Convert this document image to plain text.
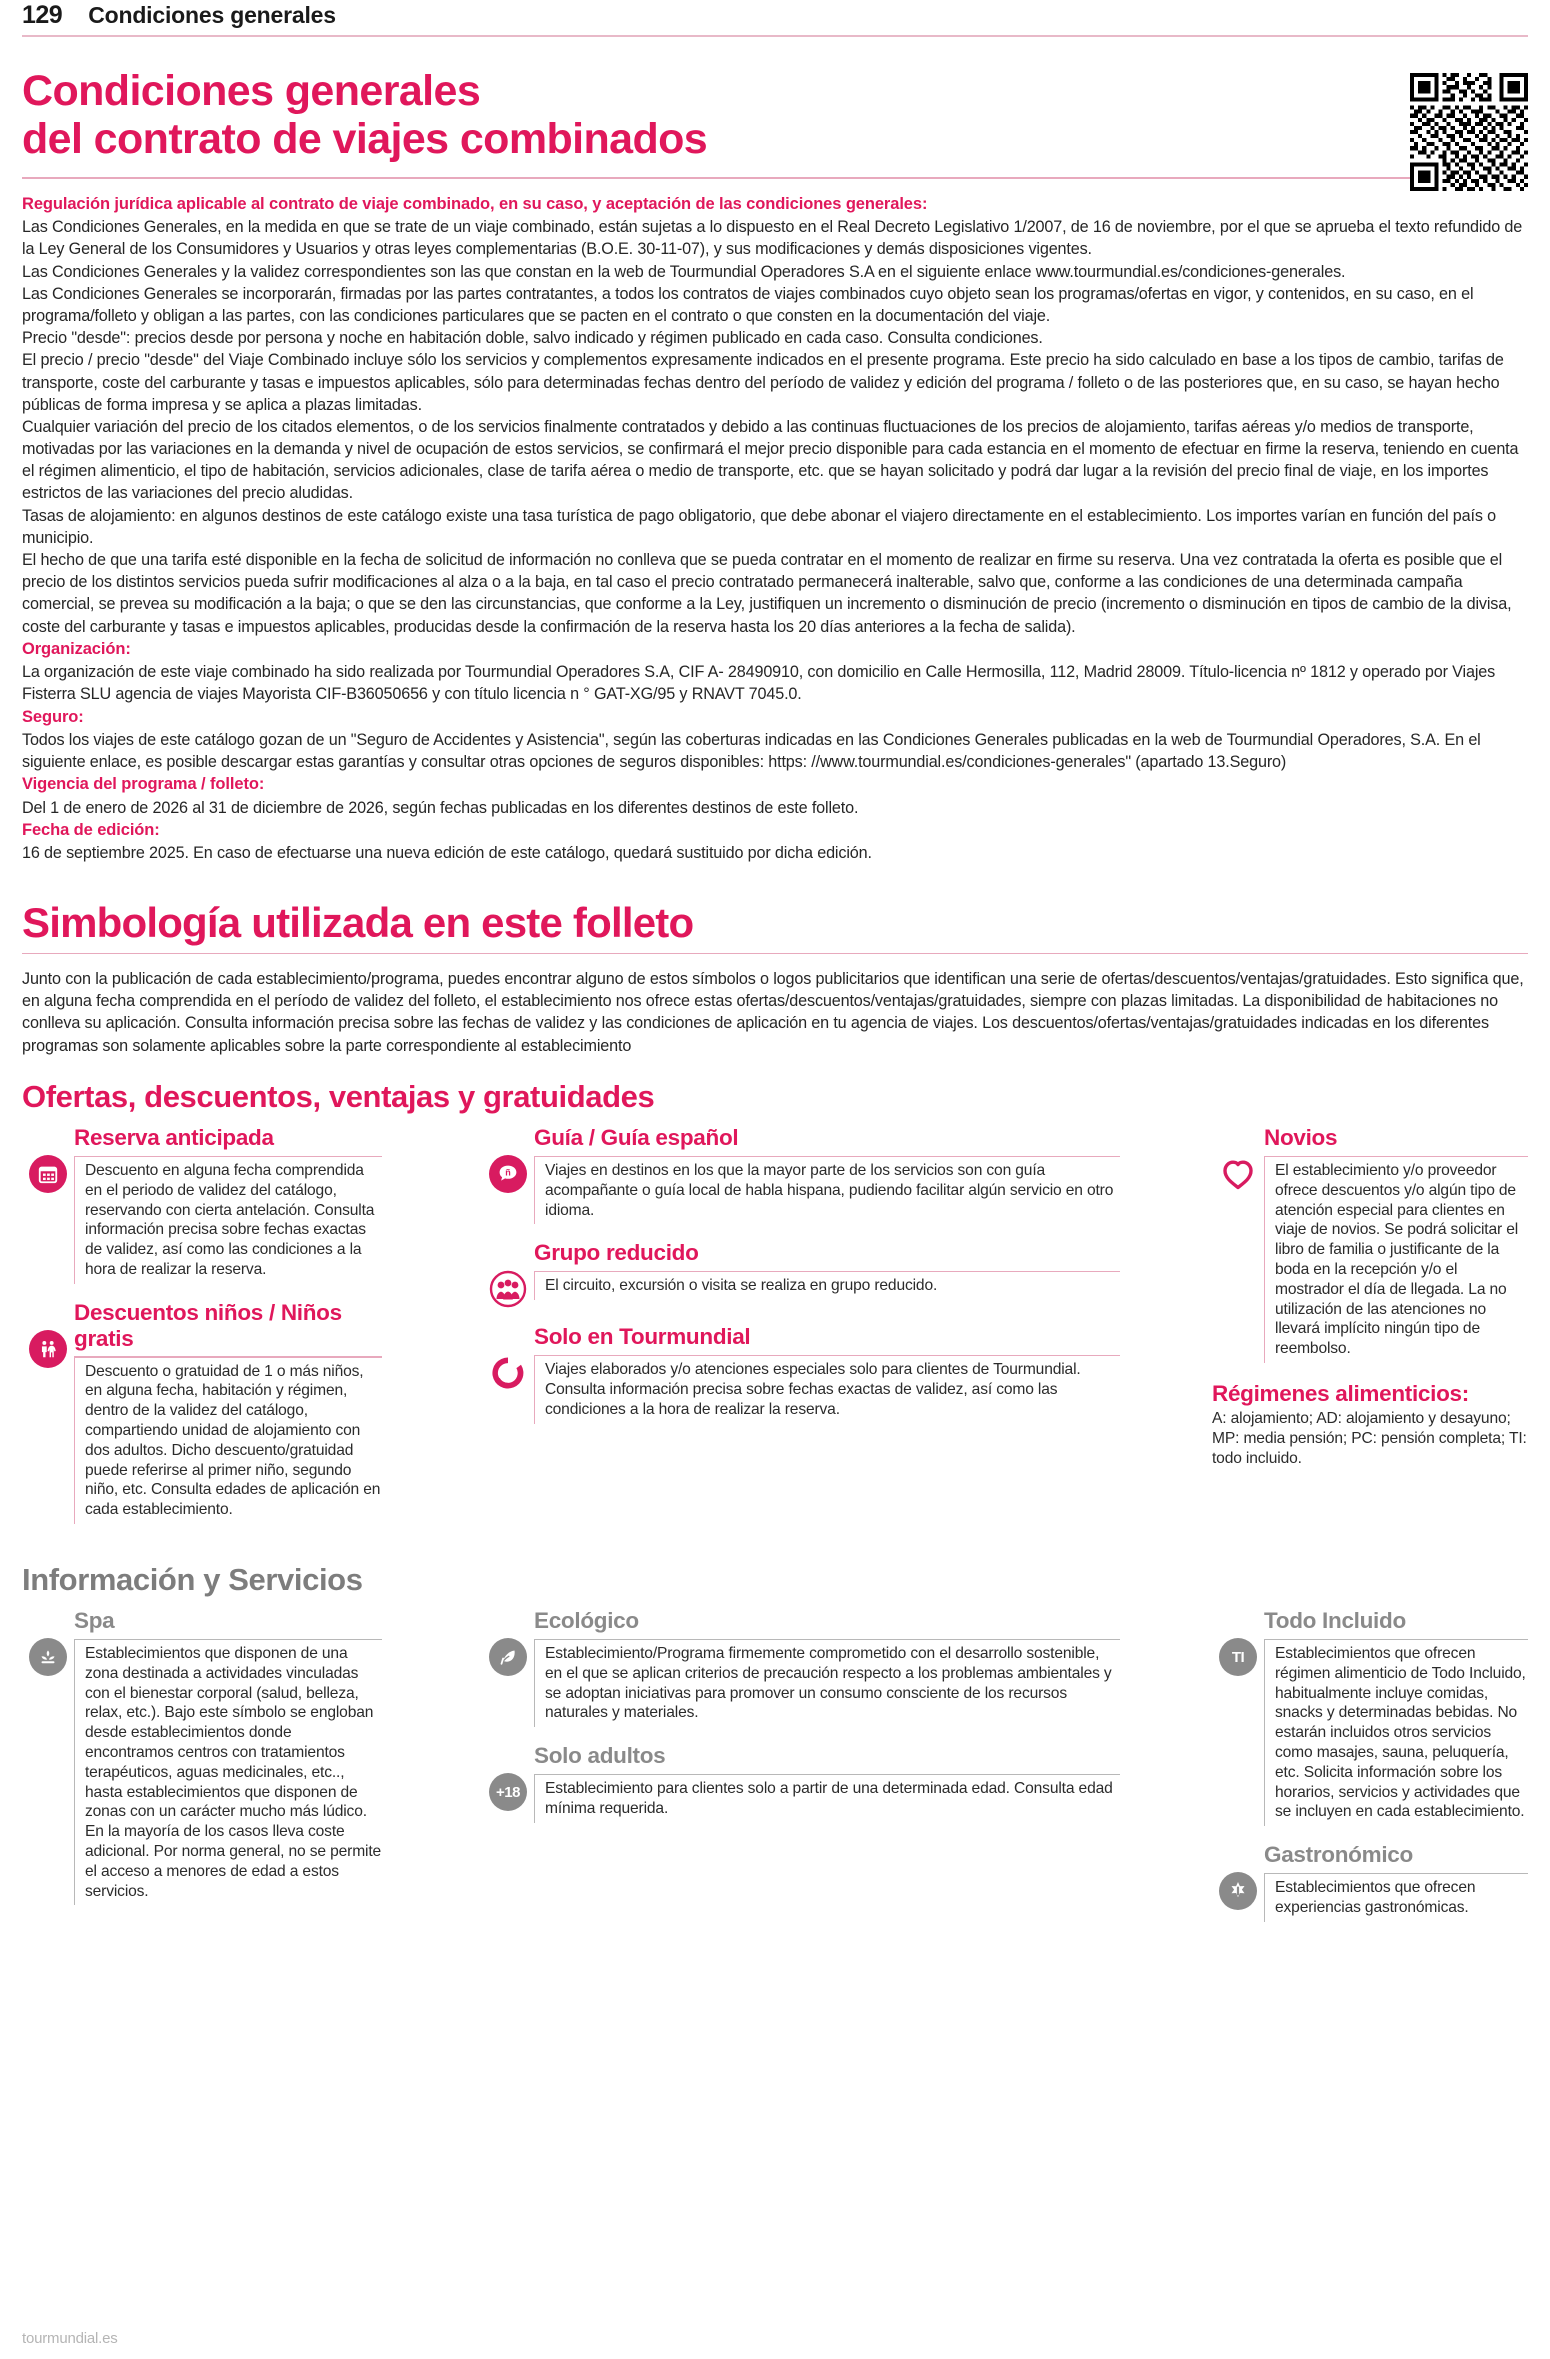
129 Condiciones generales
Condiciones generales
del contrato de viajes combinados
Regulación jurídica aplicable al contrato de viaje combinado, en su caso, y aceptación de las condiciones generales:

Las Condiciones Generales, en la medida en que se trate de un viaje combinado, están sujetas a lo dispuesto en el Real Decreto Legislativo 1/2007, de 16 de noviembre, por el que se aprueba el texto refundido de la Ley General de los Consumidores y Usuarios y otras leyes complementarias (B.O.E. 30-11-07), y sus modificaciones y demás disposiciones vigentes.

Las Condiciones Generales y la validez correspondientes son las que constan en la web de Tourmundial Operadores S.A en el siguiente enlace www.tourmundial.es/condiciones-generales.

Las Condiciones Generales se incorporarán, firmadas por las partes contratantes, a todos los contratos de viajes combinados cuyo objeto sean los programas/ofertas en vigor, y contenidos, en su caso, en el programa/folleto y obligan a las partes, con las condiciones particulares que se pacten en el contrato o que consten en la documentación del viaje.

Precio "desde": precios desde por persona y noche en habitación doble, salvo indicado y régimen publicado en cada caso. Consulta condiciones.

El precio / precio "desde" del Viaje Combinado incluye sólo los servicios y complementos expresamente indicados en el presente programa. Este precio ha sido calculado en base a los tipos de cambio, tarifas de transporte, coste del carburante y tasas e impuestos aplicables, sólo para determinadas fechas dentro del período de validez y edición del programa / folleto o de las posteriores que, en su caso, se hayan hecho públicas de forma impresa y se aplica a plazas limitadas.

Cualquier variación del precio de los citados elementos, o de los servicios finalmente contratados y debido a las continuas fluctuaciones de los precios de alojamiento, tarifas aéreas y/o medios de transporte, motivadas por las variaciones en la demanda y nivel de ocupación de estos servicios, se confirmará el mejor precio disponible para cada estancia en el momento de efectuar en firme la reserva, teniendo en cuenta el régimen alimenticio, el tipo de habitación, servicios adicionales, clase de tarifa aérea o medio de transporte, etc. que se hayan solicitado y podrá dar lugar a la revisión del precio final de viaje, en los importes estrictos de las variaciones del precio aludidas.

Tasas de alojamiento: en algunos destinos de este catálogo existe una tasa turística de pago obligatorio, que debe abonar el viajero directamente en el establecimiento. Los importes varían en función del país o municipio.

El hecho de que una tarifa esté disponible en la fecha de solicitud de información no conlleva que se pueda contratar en el momento de realizar en firme su reserva. Una vez contratada la oferta es posible que el precio de los distintos servicios pueda sufrir modificaciones al alza o a la baja, en tal caso el precio contratado permanecerá inalterable, salvo que, conforme a las condiciones de una determinada campaña comercial, se prevea su modificación a la baja; o que se den las circunstancias, que conforme a la Ley, justifiquen un incremento o disminución de precio (incremento o disminución en tipos de cambio de la divisa, coste del carburante y tasas e impuestos aplicables, producidas desde la confirmación de la reserva hasta los 20 días anteriores a la fecha de salida).

Organización:

La organización de este viaje combinado ha sido realizada por Tourmundial Operadores S.A, CIF A- 28490910, con domicilio en Calle Hermosilla, 112, Madrid 28009. Título-licencia nº 1812 y operado por Viajes Fisterra SLU agencia de viajes Mayorista CIF-B36050656 y con título licencia n ° GAT-XG/95 y RNAVT 7045.0.

Seguro:

Todos los viajes de este catálogo gozan de un "Seguro de Accidentes y Asistencia", según las coberturas indicadas en las Condiciones Generales publicadas en la web de Tourmundial Operadores, S.A. En el siguiente enlace, es posible descargar estas garantías y consultar otras opciones de seguros disponibles: https: //www.tourmundial.es/condiciones-generales" (apartado 13.Seguro)

Vigencia del programa / folleto:

Del 1 de enero de 2026 al 31 de diciembre de 2026, según fechas publicadas en los diferentes destinos de este folleto.

Fecha de edición:

16 de septiembre 2025. En caso de efectuarse una nueva edición de este catálogo, quedará sustituido por dicha edición.

Simbología utilizada en este folleto

Junto con la publicación de cada establecimiento/programa, puedes encontrar alguno de estos símbolos o logos publicitarios que identifican una serie de ofertas/descuentos/ventajas/gratuidades. Esto significa que, en alguna fecha comprendida en el período de validez del folleto, el establecimiento nos ofrece estas ofertas/descuentos/ventajas/gratuidades, siempre con plazas limitadas. La disponibilidad de habitaciones no conlleva su aplicación. Consulta información precisa sobre las fechas de validez y las condiciones de aplicación en tu agencia de viajes. Los descuentos/ofertas/ventajas/gratuidades indicadas en los diferentes programas son solamente aplicables sobre la parte correspondiente al establecimiento

Ofertas, descuentos, ventajas y gratuidades
Reserva anticipada
Descuento en alguna fecha comprendida en el periodo de validez del catálogo, reservando con cierta antelación. Consulta información precisa sobre fechas exactas de validez, así como las condiciones a la hora de realizar la reserva.
Descuentos niños / Niños gratis
Descuento o gratuidad de 1 o más niños, en alguna fecha, habitación y régimen, dentro de la validez del catálogo, compartiendo unidad de alojamiento con dos adultos. Dicho descuento/gratuidad puede referirse al primer niño, segundo niño, etc. Consulta edades de aplicación en cada establecimiento.
ñ
Guía / Guía español
Viajes en destinos en los que la mayor parte de los servicios son con guía acompañante o guía local de habla hispana, pudiendo facilitar algún servicio en otro idioma.
Grupo reducido
El circuito, excursión o visita se realiza en grupo reducido.
Solo en Tourmundial
Viajes elaborados y/o atenciones especiales solo para clientes de Tourmundial. Consulta información precisa sobre fechas exactas de validez, así como las condiciones a la hora de realizar la reserva.
Novios
El establecimiento y/o proveedor ofrece descuentos y/o algún tipo de atención especial para clientes en viaje de novios. Se podrá solicitar el libro de familia o justificante de la boda en la recepción y/o el mostrador el día de llegada. La no utilización de las atenciones no llevará implícito ningún tipo de reembolso.
Régimenes alimenticios:

A: alojamiento; AD: alojamiento y desayuno; MP: media pensión; PC: pensión completa; TI: todo incluido.

Información y Servicios
Spa
Establecimientos que disponen de una zona destinada a actividades vinculadas con el bienestar corporal (salud, belleza, relax, etc.). Bajo este símbolo se engloban desde establecimientos donde encontramos centros con tratamientos terapéuticos, aguas medicinales, etc.., hasta establecimientos que disponen de zonas con un carácter mucho más lúdico. En la mayoría de los casos lleva coste adicional. Por norma general, no se permite el acceso a menores de edad a estos servicios.
Ecológico
Establecimiento/Programa firmemente comprometido con el desarrollo sostenible, en el que se aplican criterios de precaución respecto a los problemas ambientales y se adoptan iniciativas para promover un consumo consciente de los recursos naturales y materiales.
+18
Solo adultos
Establecimiento para clientes solo a partir de una determinada edad. Consulta edad mínima requerida.
TI
Todo Incluido
Establecimientos que ofrecen régimen alimenticio de Todo Incluido, habitualmente incluye comidas, snacks y determinadas bebidas. No estarán incluidos otros servicios como masajes, sauna, peluquería, etc. Solicita información sobre los horarios, servicios y actividades que se incluyen en cada establecimiento.
Gastronómico
Establecimientos que ofrecen experiencias gastronómicas.
tourmundial.es
